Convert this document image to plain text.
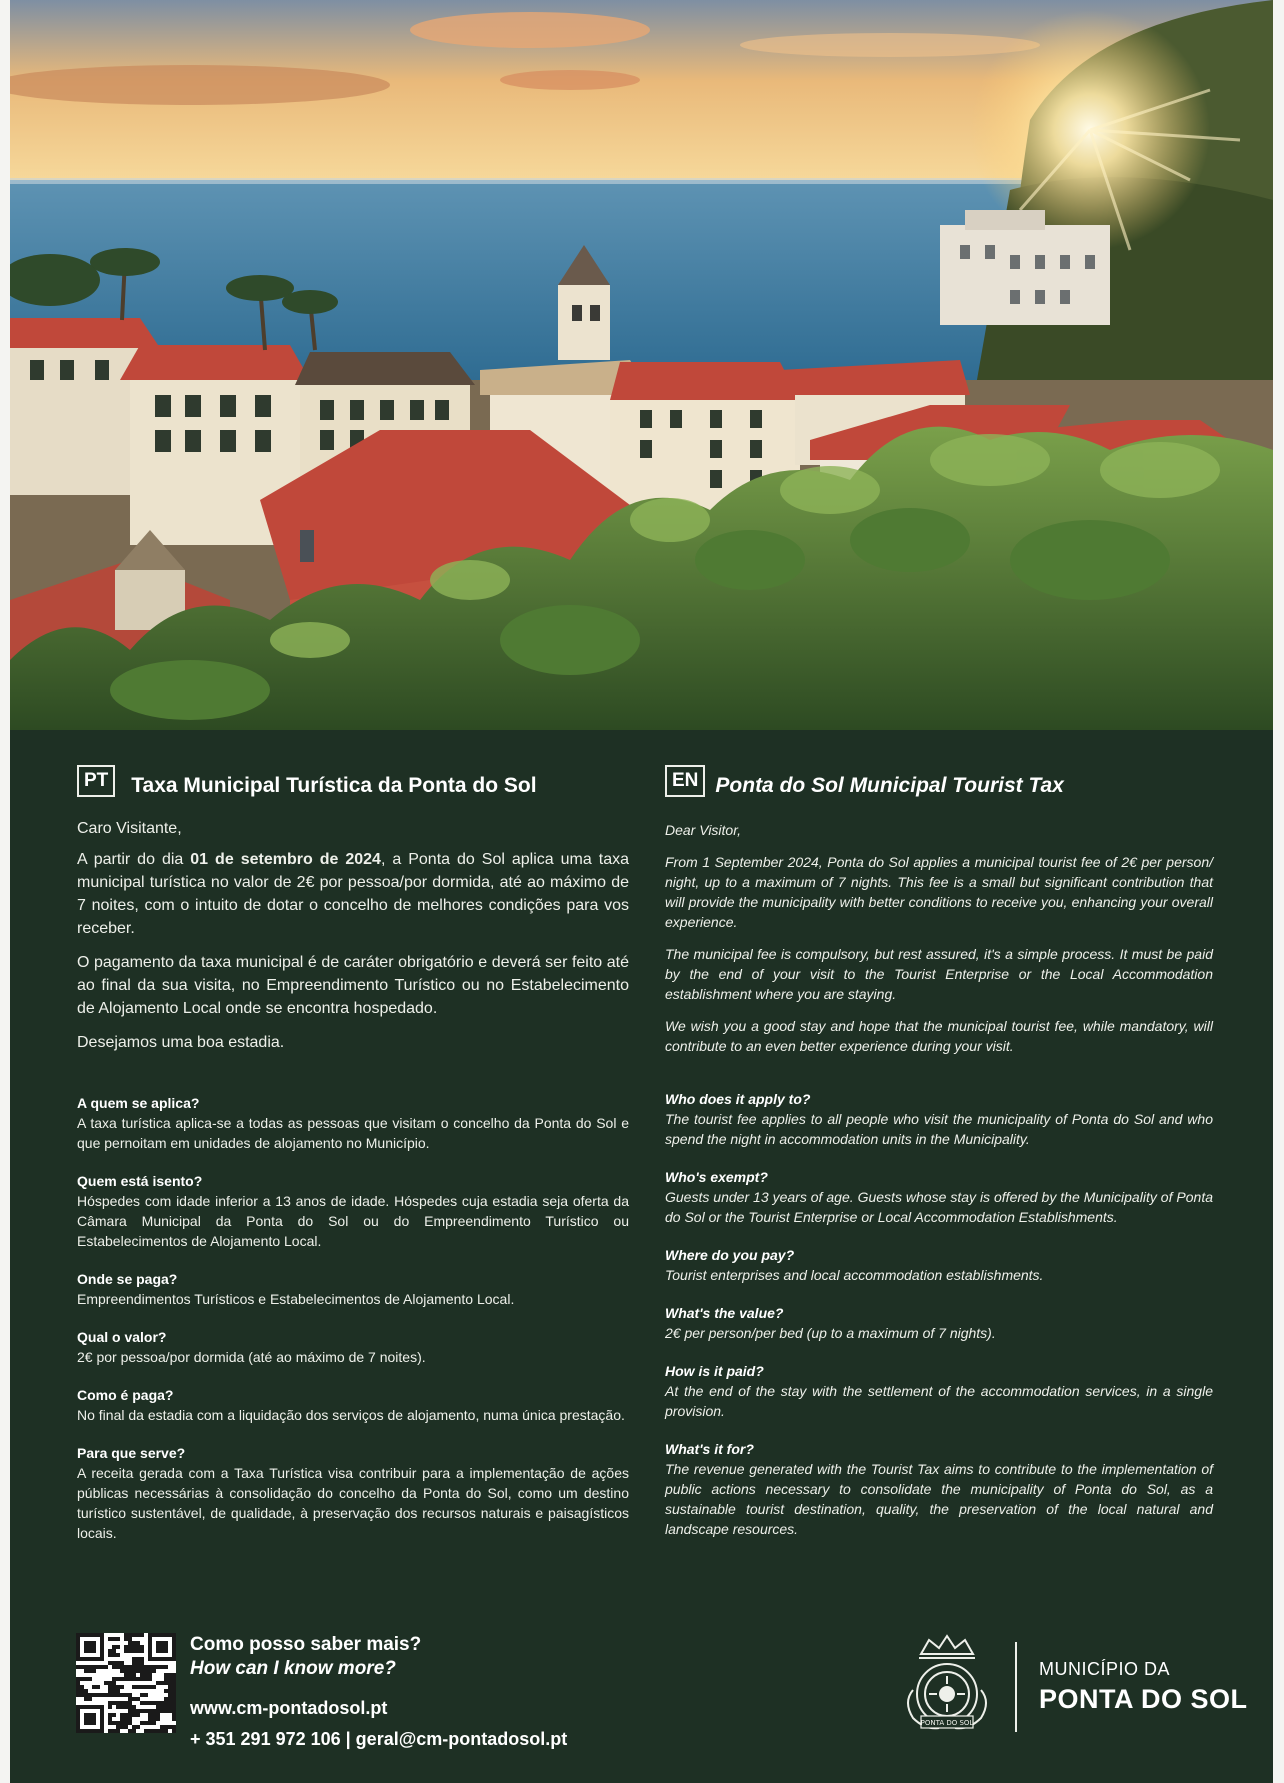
PT	Taxa Municipal Turística da Ponta do Sol

Caro Visitante,

A partir do dia 01 de setembro de 2024, a Ponta do Sol aplica uma taxa municipal turística no valor de 2€ por pessoa/por dormida, até ao máximo de 7 noites, com o intuito de dotar o concelho de melhores condições para vos receber.

O pagamento da taxa municipal é de caráter obrigatório e deverá ser feito até ao final da sua visita, no Empreendimento Turístico ou no Estabelecimento de Alojamento Local onde se encontra hospedado.

Desejamos uma boa estadia.

A quem se aplica?
A taxa turística aplica-se a todas as pessoas que visitam o concelho da Ponta do Sol e que pernoitam em unidades de alojamento no Município.
Quem está isento?
Hóspedes com idade inferior a 13 anos de idade. Hóspedes cuja estadia seja oferta da Câmara Municipal da Ponta do Sol ou do Empreendimento Turístico ou Estabelecimentos de Alojamento Local.
Onde se paga?
Empreendimentos Turísticos e Estabelecimentos de Alojamento Local.
Qual o valor?
2€ por pessoa/por dormida (até ao máximo de 7 noites).
Como é paga?
No final da estadia com a liquidação dos serviços de alojamento, numa única prestação.
Para que serve?
A receita gerada com a Taxa Turística visa contribuir para a implementação de ações públicas necessárias à consolidação do concelho da Ponta do Sol, como um destino turístico sustentável, de qualidade, à preservação dos recursos naturais e paisagísticos locais.
EN Ponta do Sol Municipal Tourist Tax

Dear Visitor,

From 1 September 2024, Ponta do Sol applies a municipal tourist fee of 2€ per person/ night, up to a maximum of 7 nights. This fee is a small but significant contribution that will provide the municipality with better conditions to receive you, enhancing your overall experience.

The municipal fee is compulsory, but rest assured, it's a simple process. It must be paid by the end of your visit to the Tourist Enterprise or the Local Accommodation establishment where you are staying.

We wish you a good stay and hope that the municipal tourist fee, while mandatory, will contribute to an even better experience during your visit.

Who does it apply to?
The tourist fee applies to all people who visit the municipality of Ponta do Sol and who spend the night in accommodation units in the Municipality.
Who's exempt?
Guests under 13 years of age. Guests whose stay is offered by the Municipality of Ponta do Sol or the Tourist Enterprise or Local Accommodation Establishments.
Where do you pay?
Tourist enterprises and local accommodation establishments.
What's the value?
2€ per person/per bed (up to a maximum of 7 nights).
How is it paid?
At the end of the stay with the settlement of the accommodation services, in a single provision.
What's it for?
The revenue generated with the Tourist Tax aims to contribute to the implementation of public actions necessary to consolidate the municipality of Ponta do Sol, as a sustainable tourist destination, quality, the preservation of the local natural and landscape resources.
Como posso saber mais?
How can I know more?
www.cm-pontadosol.pt
+ 351 291 972 106 | geral@cm-pontadosol.pt
PONTA DO SOL
MUNICÍPIO DA
PONTA DO SOL
